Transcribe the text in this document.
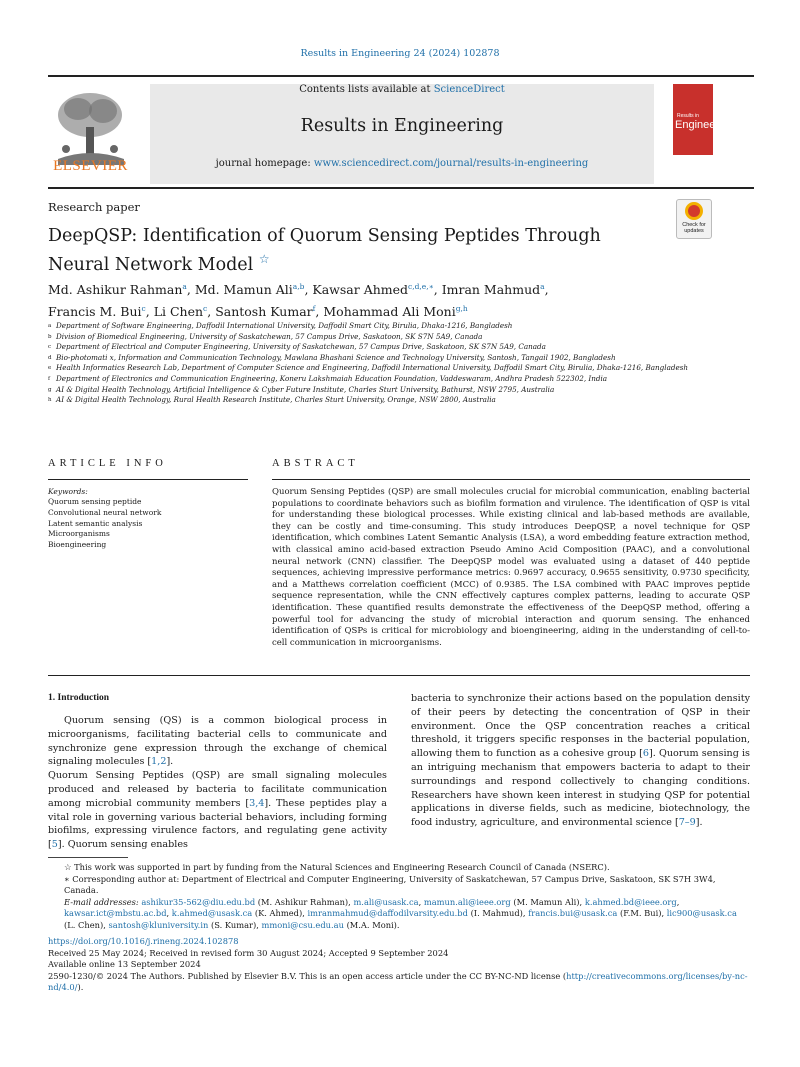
Results in Engineering 24 (2024) 102878
ELSEVIER
Contents lists available at ScienceDirect
Results in Engineering
journal homepage: www.sciencedirect.com/journal/results-in-engineering
Results in
Engineering
Research paper
Check for updates
DeepQSP: Identification of Quorum Sensing Peptides Through Neural Network Model ☆
Md. Ashikur Rahman$^a$, Md. Mamun Ali$^{a,b}$, Kawsar Ahmed$^{c,d,e,∗}$, Imran Mahmud$^a$,
Francis M. Bui$^c$, Li Chen$^c$, Santosh Kumar$^f$, Mohammad Ali Moni$^{g,h}$
a Department of Software Engineering, Daffodil International University, Daffodil Smart City, Birulia, Dhaka-1216, Bangladesh
b Division of Biomedical Engineering, University of Saskatchewan, 57 Campus Drive, Saskatoon, SK S7N 5A9, Canada
c Department of Electrical and Computer Engineering, University of Saskatchewan, 57 Campus Drive, Saskatoon, SK S7N 5A9, Canada
d Bio-photomati x, Information and Communication Technology, Mawlana Bhashani Science and Technology University, Santosh, Tangail 1902, Bangladesh
e Health Informatics Research Lab, Department of Computer Science and Engineering, Daffodil International University, Daffodil Smart City, Birulia, Dhaka-1216, Bangladesh
f Department of Electronics and Communication Engineering, Koneru Lakshmaiah Education Foundation, Vaddeswaram, Andhra Pradesh 522302, India
g AI & Digital Health Technology, Artificial Intelligence & Cyber Future Institute, Charles Sturt University, Bathurst, NSW 2795, Australia
h AI & Digital Health Technology, Rural Health Research Institute, Charles Sturt University, Orange, NSW 2800, Australia
ARTICLE INFO	ABSTRACT
Keywords:
Quorum sensing peptide
Convolutional neural network
Latent semantic analysis
Microorganisms
Bioengineering
Quorum Sensing Peptides (QSP) are small molecules crucial for microbial communication, enabling bacterial populations to coordinate behaviors such as biofilm formation and virulence. The identification of QSP is vital for understanding these biological processes. While existing clinical and lab-based methods are available, they can be costly and time-consuming. This study introduces DeepQSP, a novel technique for QSP identification, which combines Latent Semantic Analysis (LSA), a word embedding feature extraction method, with classical amino acid-based extraction Pseudo Amino Acid Composition (PAAC), and a convolutional neural network (CNN) classifier. The DeepQSP model was evaluated using a dataset of 440 peptide sequences, achieving impressive performance metrics: 0.9697 accuracy, 0.9655 sensitivity, 0.9730 specificity, and a Matthews correlation coefficient (MCC) of 0.9385. The LSA combined with PAAC improves peptide sequence representation, while the CNN effectively captures complex patterns, leading to accurate QSP identification. These quantified results demonstrate the effectiveness of the DeepQSP method, offering a powerful tool for advancing the study of microbial interaction and quorum sensing. The enhanced identification of QSPs is critical for microbiology and bioengineering, aiding in the understanding of cell-to-cell communication in microorganisms.
1. Introduction

Quorum sensing (QS) is a common biological process in microorganisms, facilitating bacterial cells to communicate and synchronize gene expression through the exchange of chemical signaling molecules [1,2].

Quorum Sensing Peptides (QSP) are small signaling molecules produced and released by bacteria to facilitate communication among microbial community members [3,4]. These peptides play a vital role in governing various bacterial behaviors, including forming biofilms, expressing virulence factors, and regulating gene activity [5]. Quorum sensing enables

bacteria to synchronize their actions based on the population density of their peers by detecting the concentration of QSP in their environment. Once the QSP concentration reaches a critical threshold, it triggers specific responses in the bacterial population, allowing them to function as a cohesive group [6]. Quorum sensing is an intriguing mechanism that empowers bacteria to adapt to their surroundings and respond collectively to changing conditions. Researchers have shown keen interest in studying QSP for potential applications in diverse fields, such as medicine, biotechnology, the food industry, agriculture, and environmental science [7–9].

☆ This work was supported in part by funding from the Natural Sciences and Engineering Research Council of Canada (NSERC).
∗ Corresponding author at: Department of Electrical and Computer Engineering, University of Saskatchewan, 57 Campus Drive, Saskatoon, SK S7H 3W4, Canada.
E-mail addresses: ashikur35-562@diu.edu.bd (M. Ashikur Rahman), m.ali@usask.ca, mamun.ali@ieee.org (M. Mamun Ali), k.ahmed.bd@ieee.org, kawsar.ict@mbstu.ac.bd, k.ahmed@usask.ca (K. Ahmed), imranmahmud@daffodilvarsity.edu.bd (I. Mahmud), francis.bui@usask.ca (F.M. Bui), lic900@usask.ca (L. Chen), santosh@kluniversity.in (S. Kumar), mmoni@csu.edu.au (M.A. Moni).
https://doi.org/10.1016/j.rineng.2024.102878
Received 25 May 2024; Received in revised form 30 August 2024; Accepted 9 September 2024
Available online 13 September 2024
2590-1230/© 2024 The Authors. Published by Elsevier B.V. This is an open access article under the CC BY-NC-ND license (http://creativecommons.org/licenses/by-nc-nd/4.0/).
